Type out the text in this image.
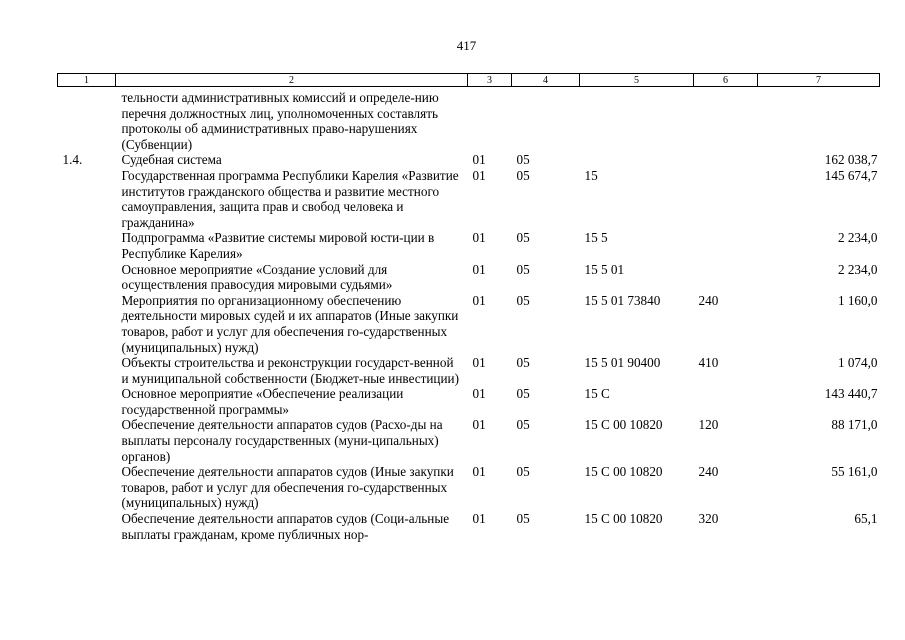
417
1	2	3	4	5	6	7
	тельности административных комиссий и определе-нию перечня должностных лиц, уполномоченных составлять протоколы об административных право-нарушениях (Субвенции)					
1.4.	Судебная система	01	05			162 038,7
	Государственная программа Республики Карелия «Развитие институтов гражданского общества и развитие местного самоуправления, защита прав и свобод человека и гражданина»	01	05	15		145 674,7
	Подпрограмма «Развитие системы мировой юсти-ции в Республике Карелия»	01	05	15 5		2 234,0
	Основное мероприятие «Создание условий для осуществления правосудия мировыми судьями»	01	05	15 5 01		2 234,0
	Мероприятия по организационному обеспечению деятельности мировых судей и их аппаратов (Иные закупки товаров, работ и услуг для обеспечения го-сударственных (муниципальных) нужд)	01	05	15 5 01 73840	240	1 160,0
	Объекты строительства и реконструкции государст-венной и муниципальной собственности (Бюджет-ные инвестиции)	01	05	15 5 01 90400	410	1 074,0
	Основное мероприятие «Обеспечение реализации государственной программы»	01	05	15 С		143 440,7
	Обеспечение деятельности аппаратов судов (Расхо-ды на выплаты персоналу государственных (муни-ципальных) органов)	01	05	15 С 00 10820	120	88 171,0
	Обеспечение деятельности аппаратов судов (Иные закупки товаров, работ и услуг для обеспечения го-сударственных (муниципальных) нужд)	01	05	15 С 00 10820	240	55 161,0
	Обеспечение деятельности аппаратов судов (Соци-альные выплаты гражданам, кроме публичных нор-	01	05	15 С 00 10820	320	65,1
